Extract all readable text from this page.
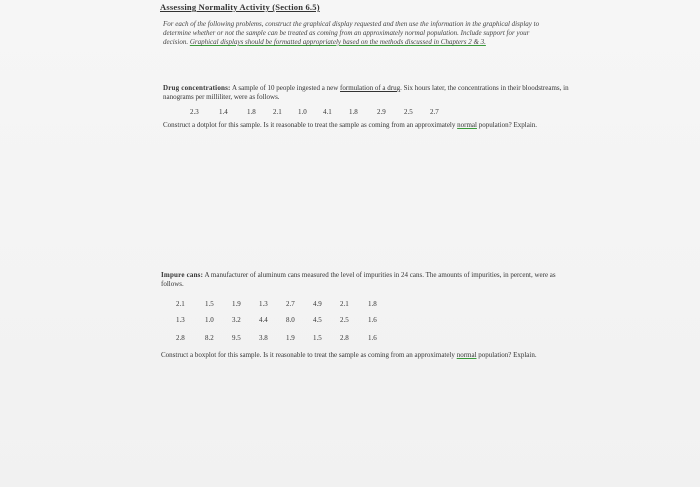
Assessing Normality Activity (Section 6.5)
For each of the following problems, construct the graphical display requested and then use the information in the graphical display to determine whether or not the sample can be treated as coming from an approximately normal population. Include support for your decision. Graphical displays should be formatted appropriately based on the methods discussed in Chapters 2 & 3.
Drug concentrations: A sample of 10 people ingested a new formulation of a drug. Six hours later, the concentrations in their bloodstreams, in nanograms per milliliter, were as follows.
2.3	1.4	1.8 2.1 1.0 4.1 1.8	2.9	2.5 2.7
Construct a dotplot for this sample. Is it reasonable to treat the sample as coming from an approximately normal population? Explain.
Impure cans: A manufacturer of aluminum cans measured the level of impurities in 24 cans. The amounts of impurities, in percent, were as follows.
2.1	1.5	1.9	1.3	2.7	4.9	2.1	1.8
1.3	1.0	3.2	4.4	8.0	4.5	2.5	1.6
2.8	8.2	9.5	3.8	1.9	1.5	2.8	1.6
Construct a boxplot for this sample. Is it reasonable to treat the sample as coming from an approximately normal population? Explain.
